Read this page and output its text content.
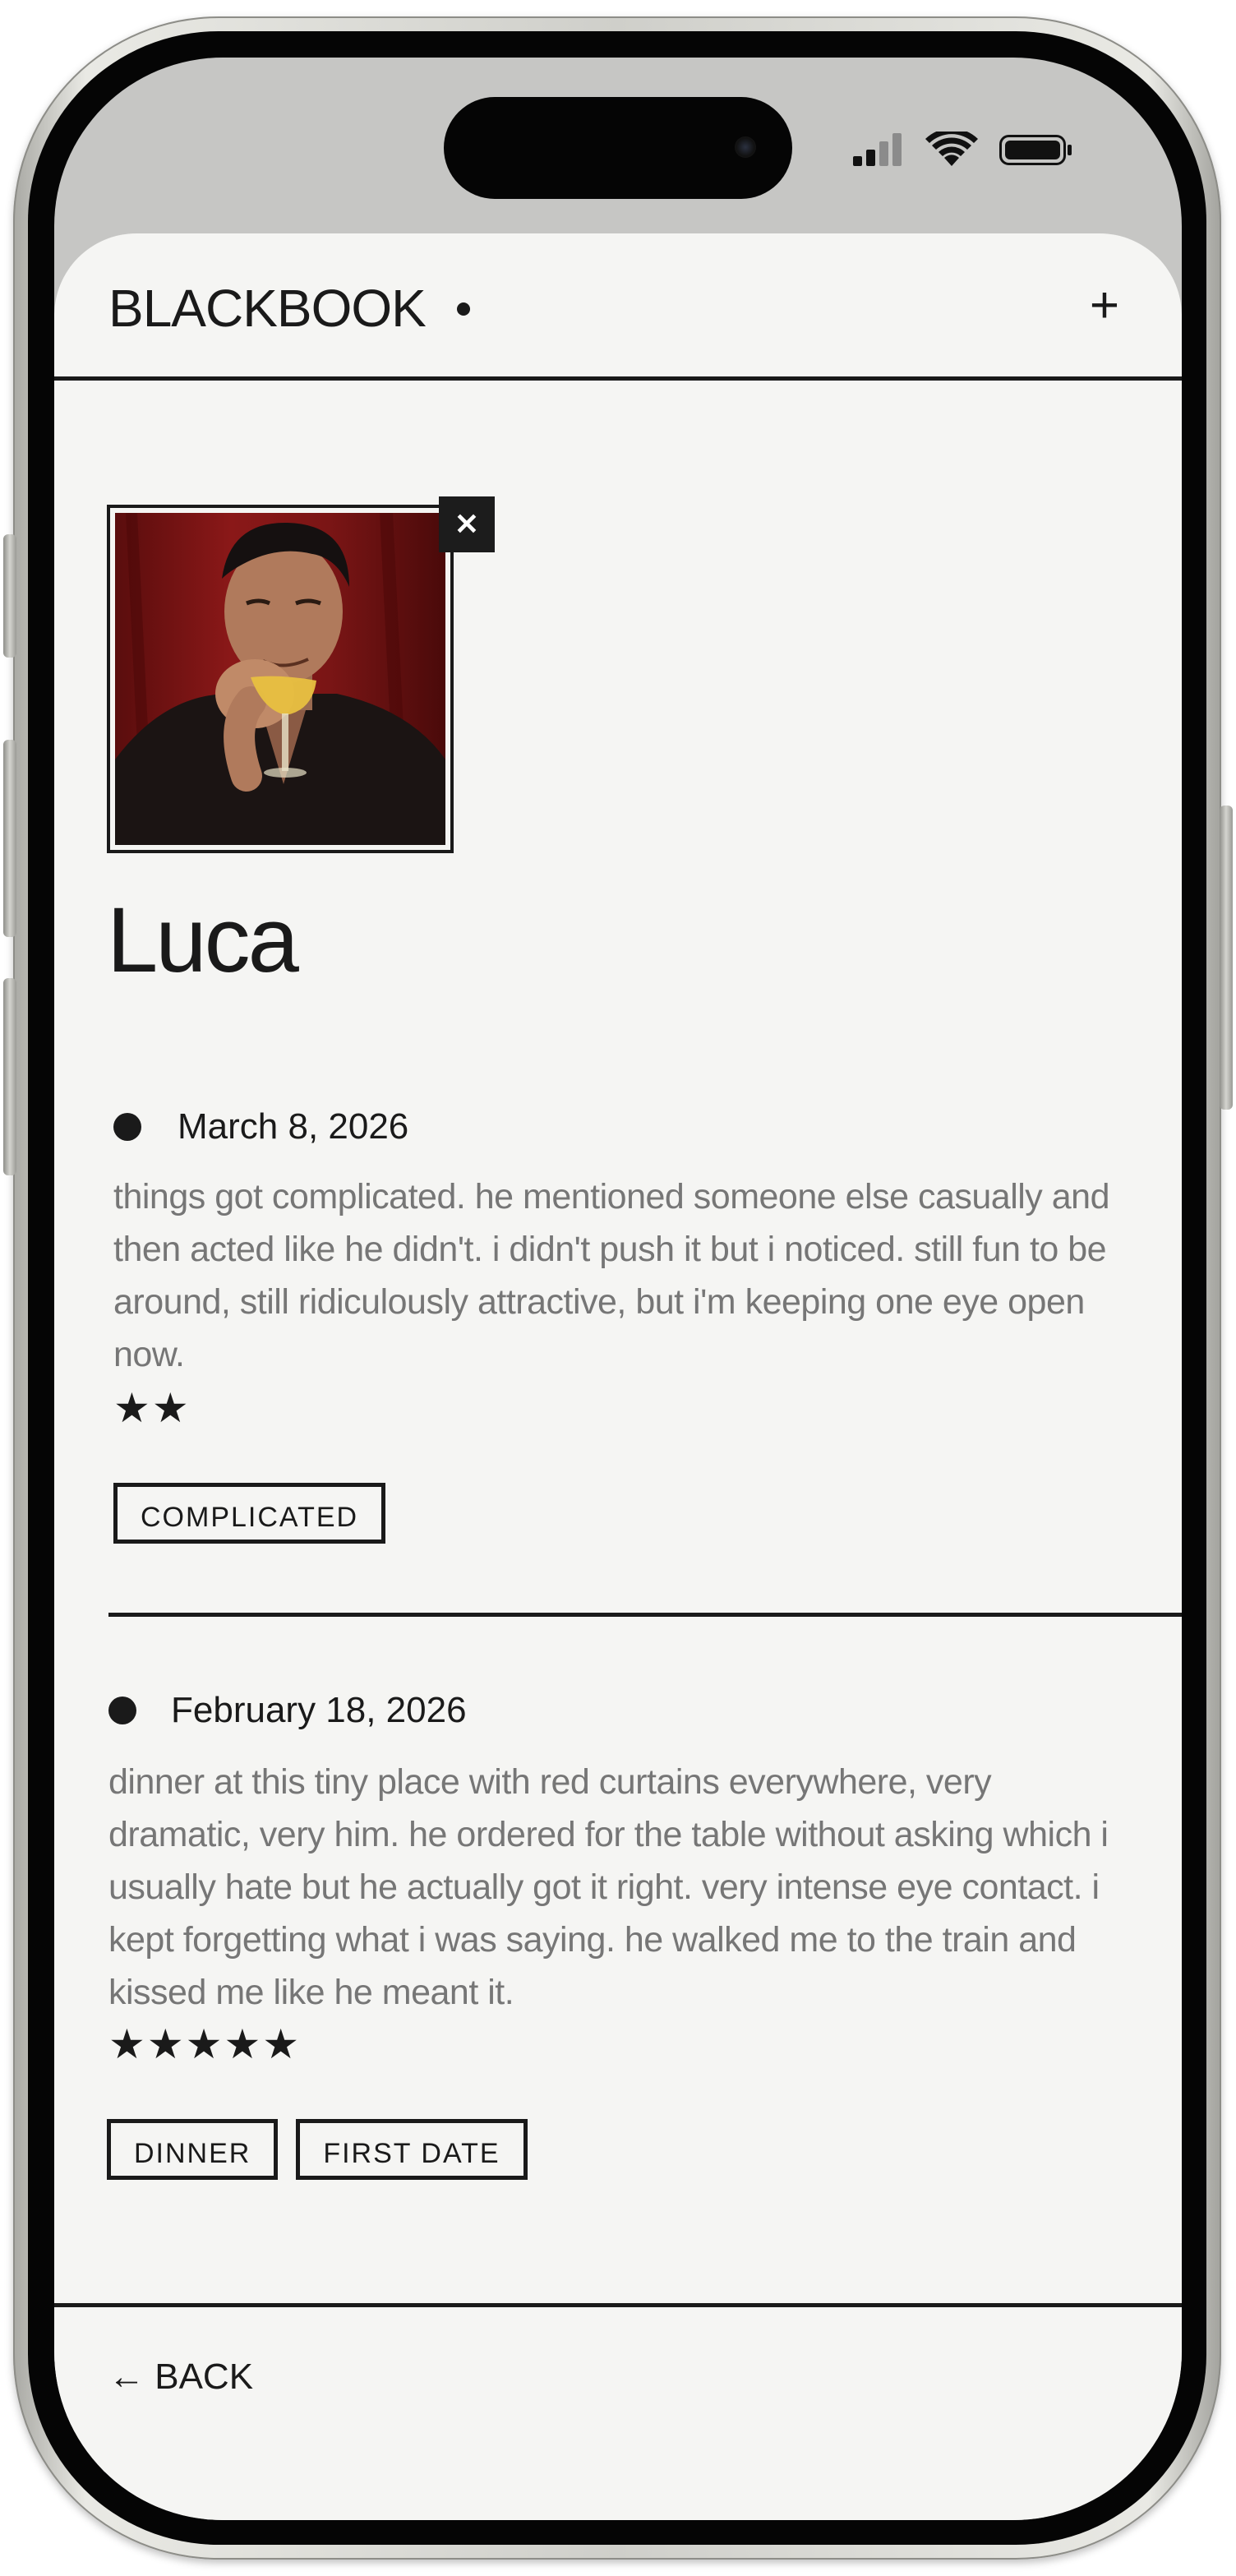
BLACKBOOK	+
✕
Luca
March 8, 2026
things got complicated. he mentioned someone else casually and then acted like he didn't. i didn't push it but i noticed. still fun to be around, still ridiculously attractive, but i'm keeping one eye open now.
★★
COMPLICATED
February 18, 2026
dinner at this tiny place with red curtains everywhere, very dramatic, very him. he ordered for the table without asking which i usually hate but he actually got it right. very intense eye contact. i kept forgetting what i was saying. he walked me to the train and kissed me like he meant it.
★★★★★
DINNER	FIRST DATE
← BACK
